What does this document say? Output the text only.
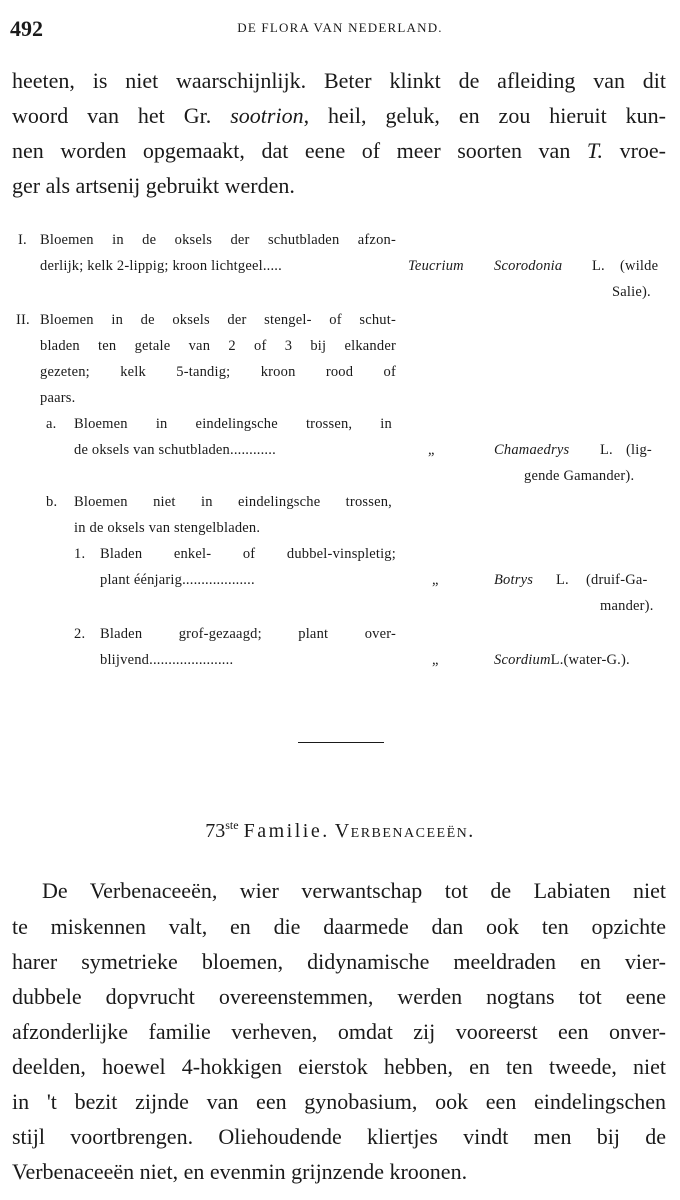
492	DE FLORA VAN NEDERLAND.
heeten, is niet waarschijnlijk. Beter klinkt de afleiding van dit
woord van het Gr. sootrion, heil, geluk, en zou hieruit kun-
nen worden opgemaakt, dat eene of meer soorten van T. vroe-
ger als artsenij gebruikt werden.
I. Bloemen in de oksels der schutbladen afzon-
derlijk; kelk 2-lippig; kroon lichtgeel.....	Teucrium Scorodonia L. (wilde
Salie).
II. Bloemen in de oksels der stengel- of schut-
bladen ten getale van 2 of 3 bij elkander
gezeten; kelk 5-tandig; kroon rood of
paars.
a. Bloemen in eindelingsche trossen, in
de oksels van schutbladen............	„	Chamaedrys L. (lig-
gende Gamander).
b. Bloemen niet in eindelingsche trossen,
in de oksels van stengelbladen.
1. Bladen enkel- of dubbel-vinspletig;
plant éénjarig...................	„	Botrys L. (druif-Ga-
mander).
2. Bladen grof-gezaagd; plant over-
blijvend......................	„	ScordiumL.(water-G.).
73ste Familie. Verbenaceeën.
De Verbenaceeën, wier verwantschap tot de Labiaten niet
te miskennen valt, en die daarmede dan ook ten opzichte
harer symetrieke bloemen, didynamische meeldraden en vier-
dubbele dopvrucht overeenstemmen, werden nogtans tot eene
afzonderlijke familie verheven, omdat zij vooreerst een onver-
deelden, hoewel 4-hokkigen eierstok hebben, en ten tweede, niet
in 't bezit zijnde van een gynobasium, ook een eindelingschen
stijl voortbrengen. Oliehoudende kliertjes vindt men bij de
Verbenaceeën niet, en evenmin grijnzende kroonen.
